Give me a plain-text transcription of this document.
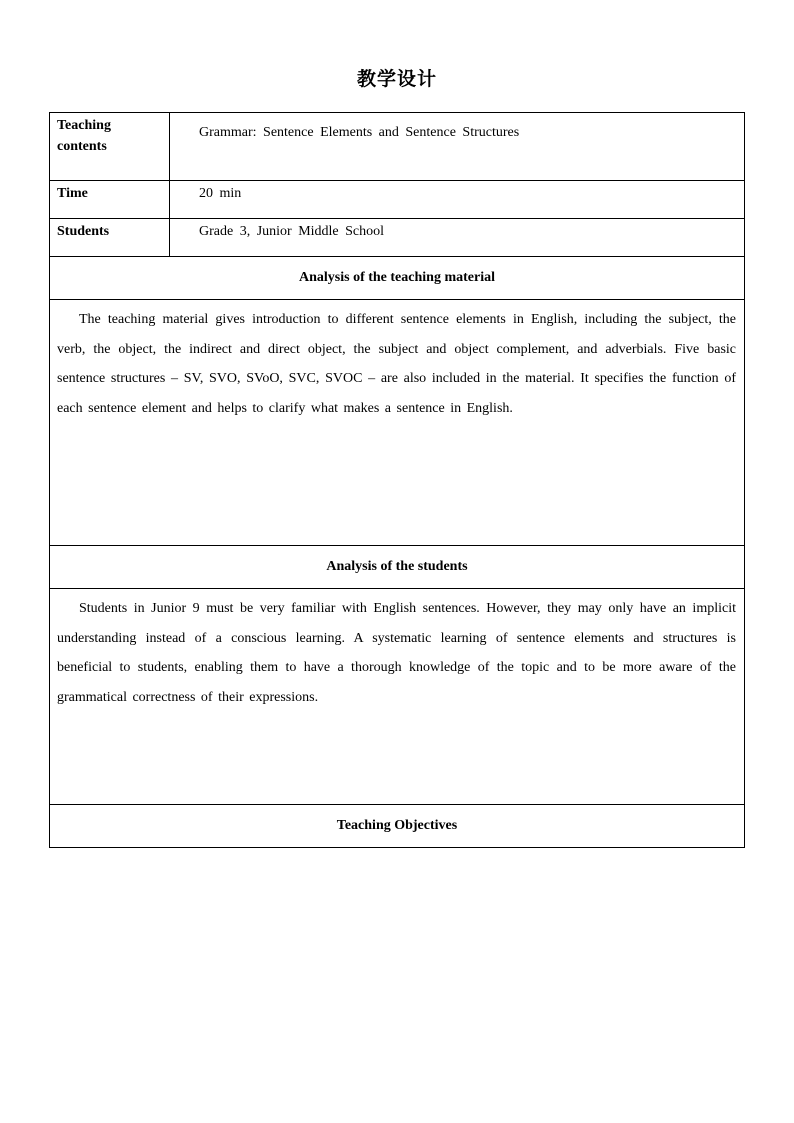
教学设计
Teaching contents	Grammar: Sentence Elements and Sentence Structures
Time	20 min
Students	Grade 3, Junior Middle School
Analysis of the teaching material	

The teaching material gives introduction to different sentence elements in English, including the subject, the verb, the object, the indirect and direct object, the subject and object complement, and adverbials. Five basic sentence structures – SV, SVO, SVoO, SVC, SVOC – are also included in the material. It specifies the function of each sentence element and helps to clarify what makes a sentence in English.	

Analysis of the students	

Students in Junior 9 must be very familiar with English sentences. However, they may only have an implicit understanding instead of a conscious learning. A systematic learning of sentence elements and structures is beneficial to students, enabling them to have a thorough knowledge of the topic and to be more aware of the grammatical correctness of their expressions.	

Teaching Objectives	
